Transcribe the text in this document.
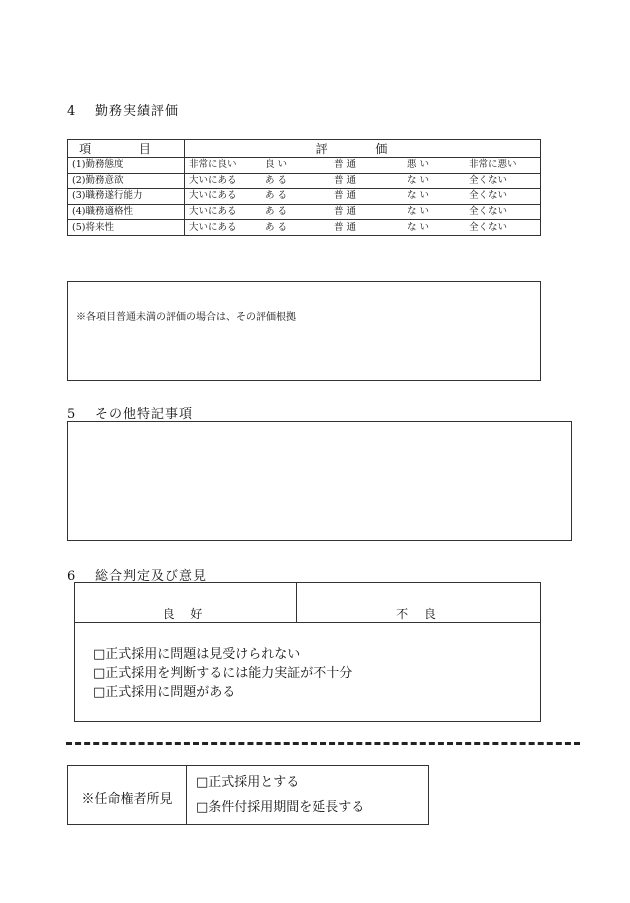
4 勤務実績評価
項 目	評 価
(1)勤務態度	非常に良い 良 い 普 通 悪 い 非常に悪い

(2)勤務意欲	大いにある あ る 普 通 な い 全くない

(3)職務遂行能力	大いにある あ る 普 通 な い 全くない

(4)職務適格性	大いにある あ る 普 通 な い 全くない

(5)将来性	大いにある あ る 普 通 な い 全くない
※各項目普通未満の評価の場合は、その評価根拠
5 その他特記事項
6 総合判定及び意見
良 好	不 良
□正式採用に問題は見受けられない
□正式採用を判断するには能力実証が不十分
□正式採用に問題がある
※任命権者所見
□正式採用とする
□条件付採用期間を延長する
